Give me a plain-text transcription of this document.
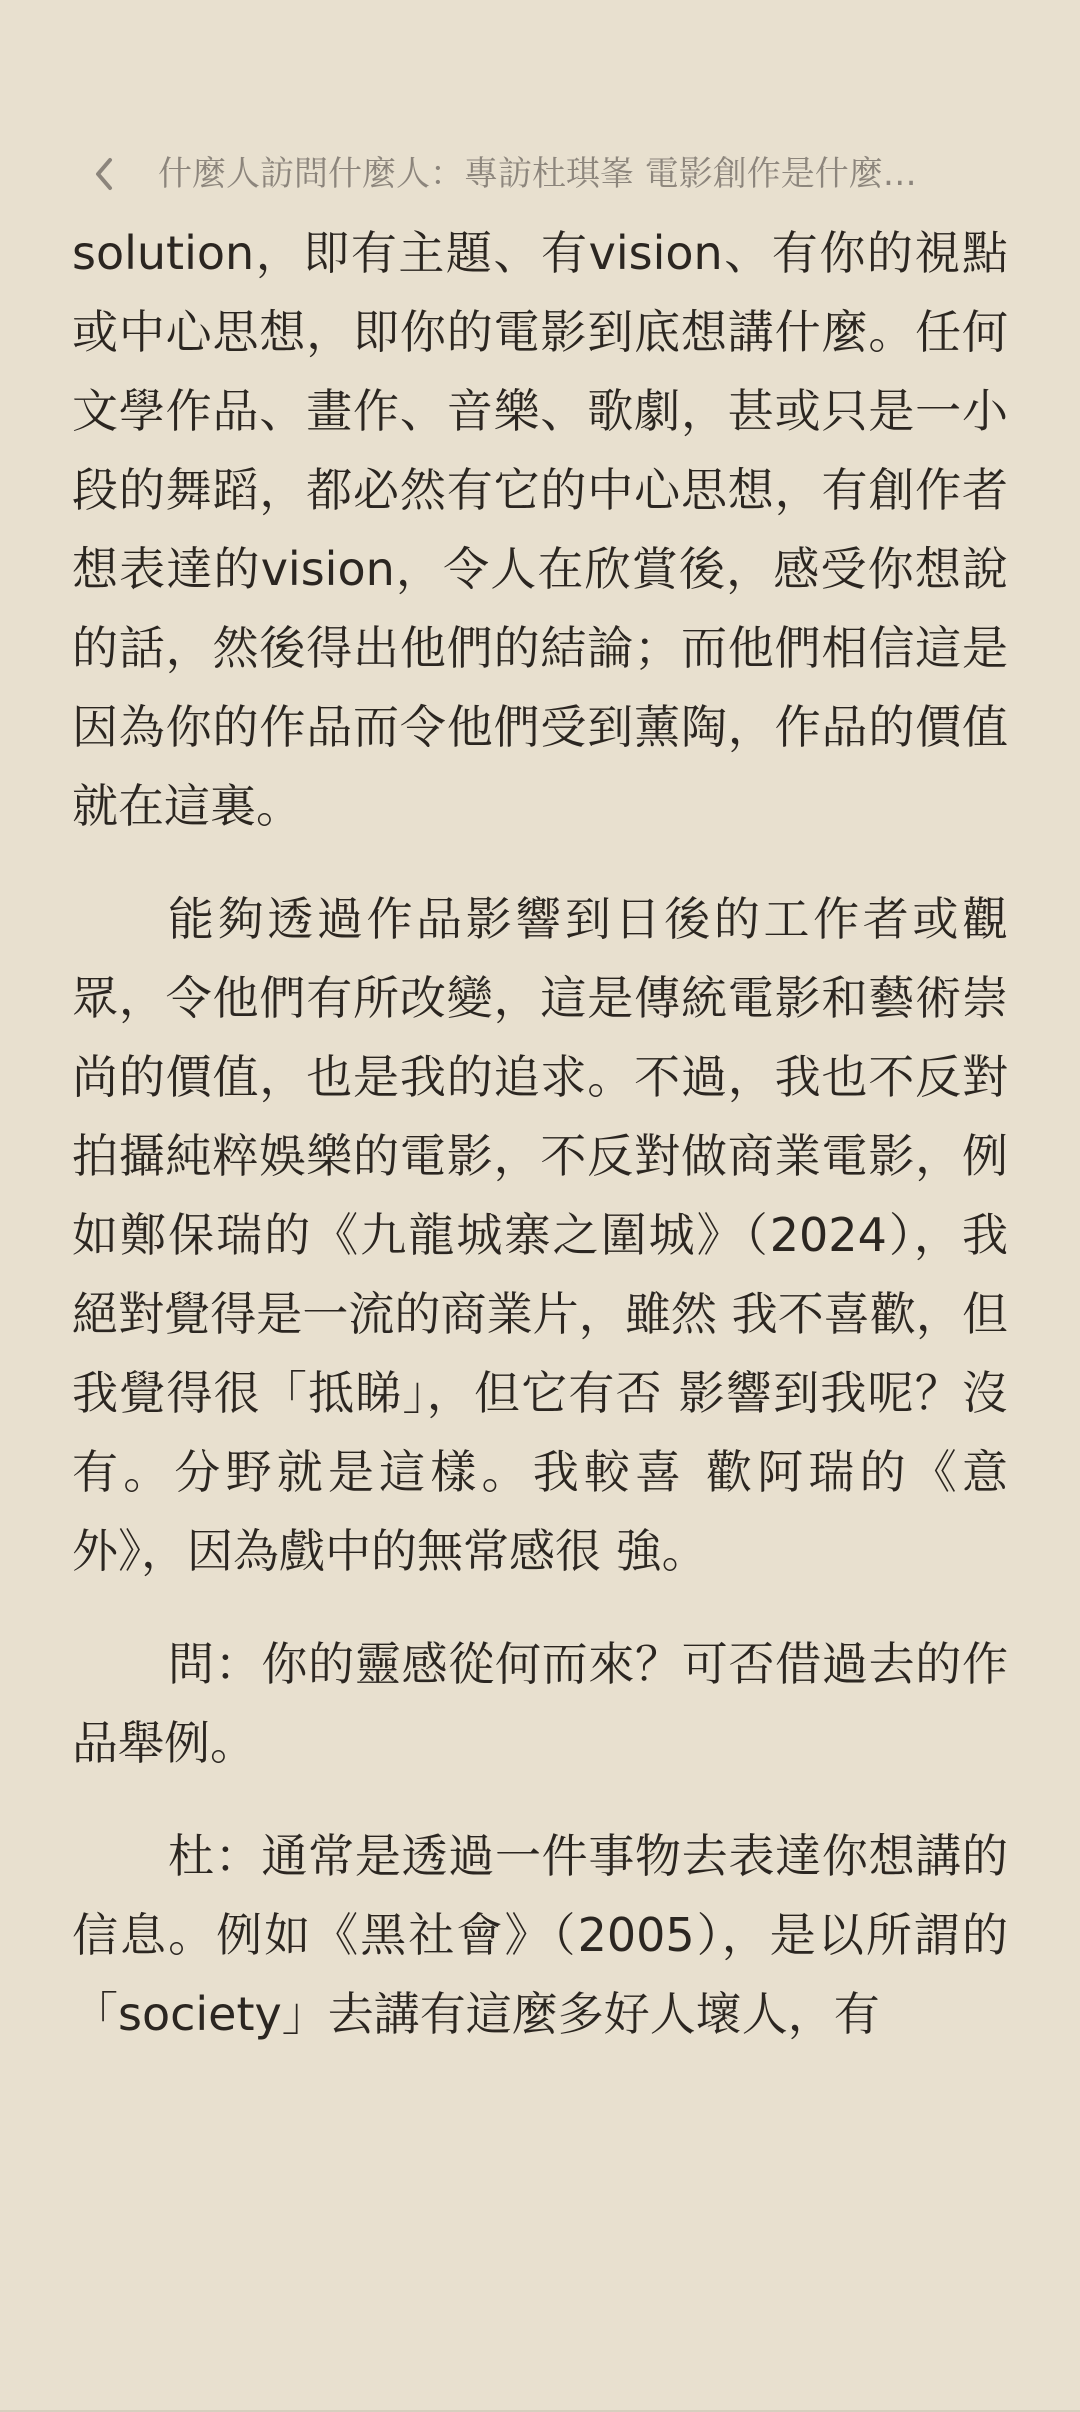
什麼人訪問什麼人：專訪杜琪峯 電影創作是什麼…

solution，即有主題、有vision、有你的視點或中心思想，即你的電影到底想講什麼。任何文學作品、畫作、音樂、歌劇，甚或只是一小段的舞蹈，都必然有它的中心思想，有創作者想表達的vision，令人在欣賞後，感受你想說的話，然後得出他們的結論；而他們相信這是因為你的作品而令他們受到薰陶，作品的價值就在這裏。

能夠透過作品影響到日後的工作者或觀眾，令他們有所改變，這是傳統電影和藝術崇尚的價值，也是我的追求。不過，我也不反對拍攝純粹娛樂的電影，不反對做商業電影，例如鄭保瑞的《九龍城寨之圍城》（2024），我絕對覺得是一流的商業片，雖然 我不喜歡，但我覺得很「抵睇」，但它有否 影響到我呢？沒有。分野就是這樣。我較喜 歡阿瑞的《意外》，因為戲中的無常感很 強。

問：你的靈感從何而來？可否借過去的作品舉例。

杜：通常是透過一件事物去表達你想講的信息。例如《黑社會》（2005），是以所謂的「society」去講有這麼多好人壞人，有
